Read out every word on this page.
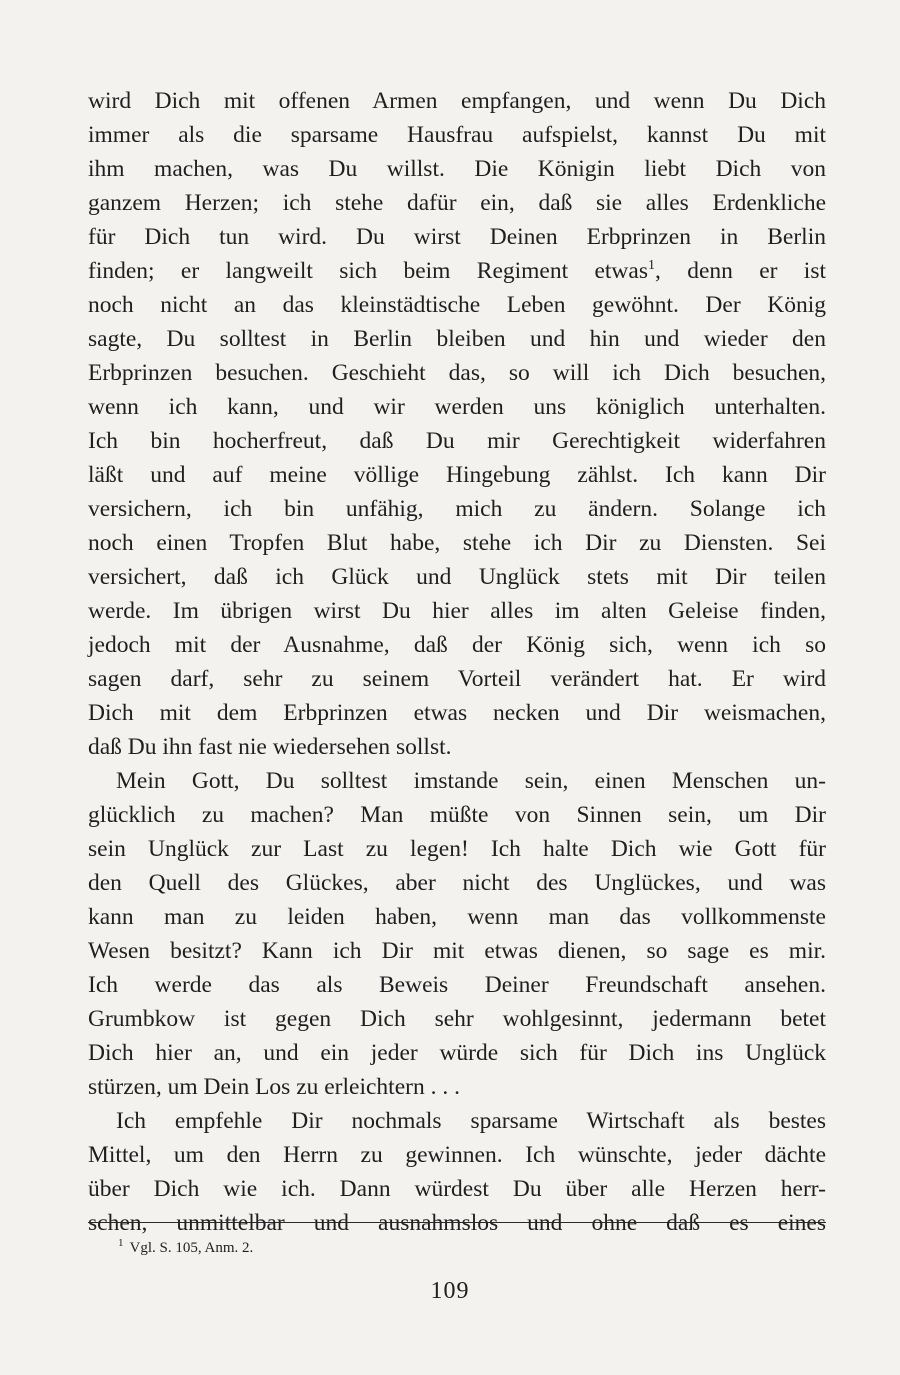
wird Dich mit offenen Armen empfangen, und wenn Du Dich
immer als die sparsame Hausfrau aufspielst, kannst Du mit
ihm machen, was Du willst. Die Königin liebt Dich von
ganzem Herzen; ich stehe dafür ein, daß sie alles Erdenkliche
für Dich tun wird. Du wirst Deinen Erbprinzen in Berlin
finden; er langweilt sich beim Regiment etwas$^1$, denn er ist
noch nicht an das kleinstädtische Leben gewöhnt. Der König
sagte, Du solltest in Berlin bleiben und hin und wieder den
Erbprinzen besuchen. Geschieht das, so will ich Dich besuchen,
wenn ich kann, und wir werden uns königlich unterhalten.
Ich bin hocherfreut, daß Du mir Gerechtigkeit widerfahren
läßt und auf meine völlige Hingebung zählst. Ich kann Dir
versichern, ich bin unfähig, mich zu ändern. Solange ich
noch einen Tropfen Blut habe, stehe ich Dir zu Diensten. Sei
versichert, daß ich Glück und Unglück stets mit Dir teilen
werde. Im übrigen wirst Du hier alles im alten Geleise finden,
jedoch mit der Ausnahme, daß der König sich, wenn ich so
sagen darf, sehr zu seinem Vorteil verändert hat. Er wird
Dich mit dem Erbprinzen etwas necken und Dir weismachen,
daß Du ihn fast nie wiedersehen sollst.
Mein Gott, Du solltest imstande sein, einen Menschen un-
glücklich zu machen? Man müßte von Sinnen sein, um Dir
sein Unglück zur Last zu legen! Ich halte Dich wie Gott für
den Quell des Glückes, aber nicht des Unglückes, und was
kann man zu leiden haben, wenn man das vollkommenste
Wesen besitzt? Kann ich Dir mit etwas dienen, so sage es mir.
Ich werde das als Beweis Deiner Freundschaft ansehen.
Grumbkow ist gegen Dich sehr wohlgesinnt, jedermann betet
Dich hier an, und ein jeder würde sich für Dich ins Unglück
stürzen, um Dein Los zu erleichtern . . .
Ich empfehle Dir nochmals sparsame Wirtschaft als bestes
Mittel, um den Herrn zu gewinnen. Ich wünschte, jeder dächte
über Dich wie ich. Dann würdest Du über alle Herzen herr-
schen, unmittelbar und ausnahmslos und ohne daß es eines
$^1$ Vgl. S. 105, Anm. 2.
109
